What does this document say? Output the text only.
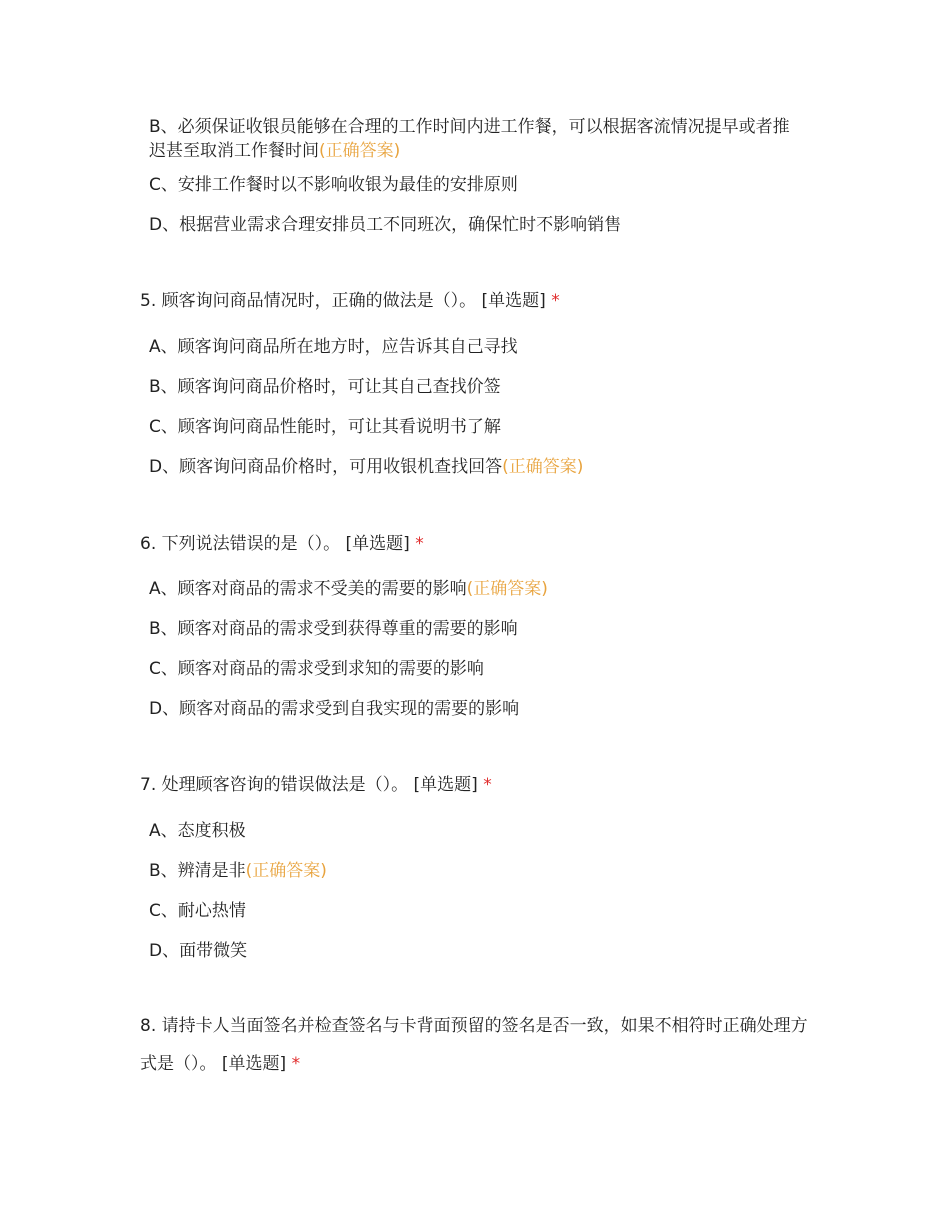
B、必须保证收银员能够在合理的工作时间内进工作餐，可以根据客流情况提早或者推迟甚至取消工作餐时间(正确答案)
C、安排工作餐时以不影响收银为最佳的安排原则
D、根据营业需求合理安排员工不同班次，确保忙时不影响销售
5. 顾客询问商品情况时，正确的做法是（）。 [单选题] *
A、顾客询问商品所在地方时，应告诉其自己寻找
B、顾客询问商品价格时，可让其自己查找价签
C、顾客询问商品性能时，可让其看说明书了解
D、顾客询问商品价格时，可用收银机查找回答(正确答案)
6. 下列说法错误的是（）。 [单选题] *
A、顾客对商品的需求不受美的需要的影响(正确答案)
B、顾客对商品的需求受到获得尊重的需要的影响
C、顾客对商品的需求受到求知的需要的影响
D、顾客对商品的需求受到自我实现的需要的影响
7. 处理顾客咨询的错误做法是（）。 [单选题] *
A、态度积极
B、辨清是非(正确答案)
C、耐心热情
D、面带微笑
8. 请持卡人当面签名并检查签名与卡背面预留的签名是否一致，如果不相符时正确处理方式是（）。 [单选题] *
